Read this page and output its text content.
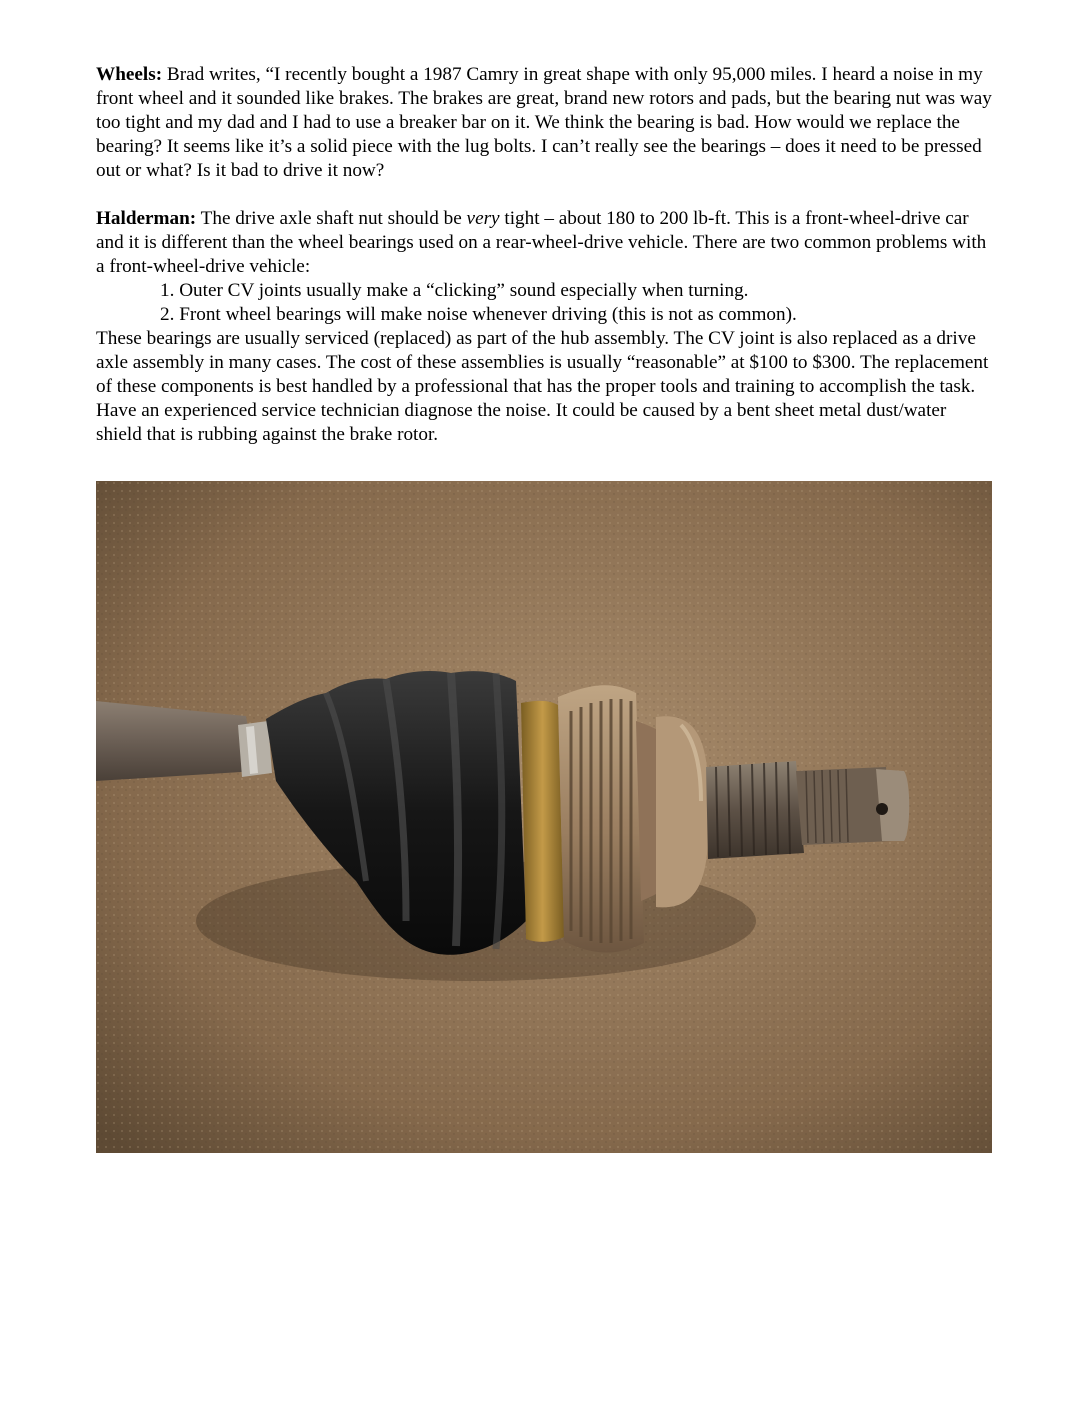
Wheels: Brad writes, “I recently bought a 1987 Camry in great shape with only 95,000 miles. I heard a noise in my front wheel and it sounded like brakes. The brakes are great, brand new rotors and pads, but the bearing nut was way too tight and my dad and I had to use a breaker bar on it. We think the bearing is bad. How would we replace the bearing? It seems like it’s a solid piece with the lug bolts. I can’t really see the bearings – does it need to be pressed out or what? Is it bad to drive it now?

Halderman: The drive axle shaft nut should be very tight – about 180 to 200 lb-ft. This is a front-wheel-drive car and it is different than the wheel bearings used on a rear-wheel-drive vehicle. There are two common problems with a front-wheel-drive vehicle:

1. Outer CV joints usually make a “clicking” sound especially when turning.
2. Front wheel bearings will make noise whenever driving (this is not as common).

These bearings are usually serviced (replaced) as part of the hub assembly. The CV joint is also replaced as a drive axle assembly in many cases. The cost of these assemblies is usually “reasonable” at $100 to $300. The replacement of these components is best handled by a professional that has the proper tools and training to accomplish the task. Have an experienced service technician diagnose the noise. It could be caused by a bent sheet metal dust/water shield that is rubbing against the brake rotor.
